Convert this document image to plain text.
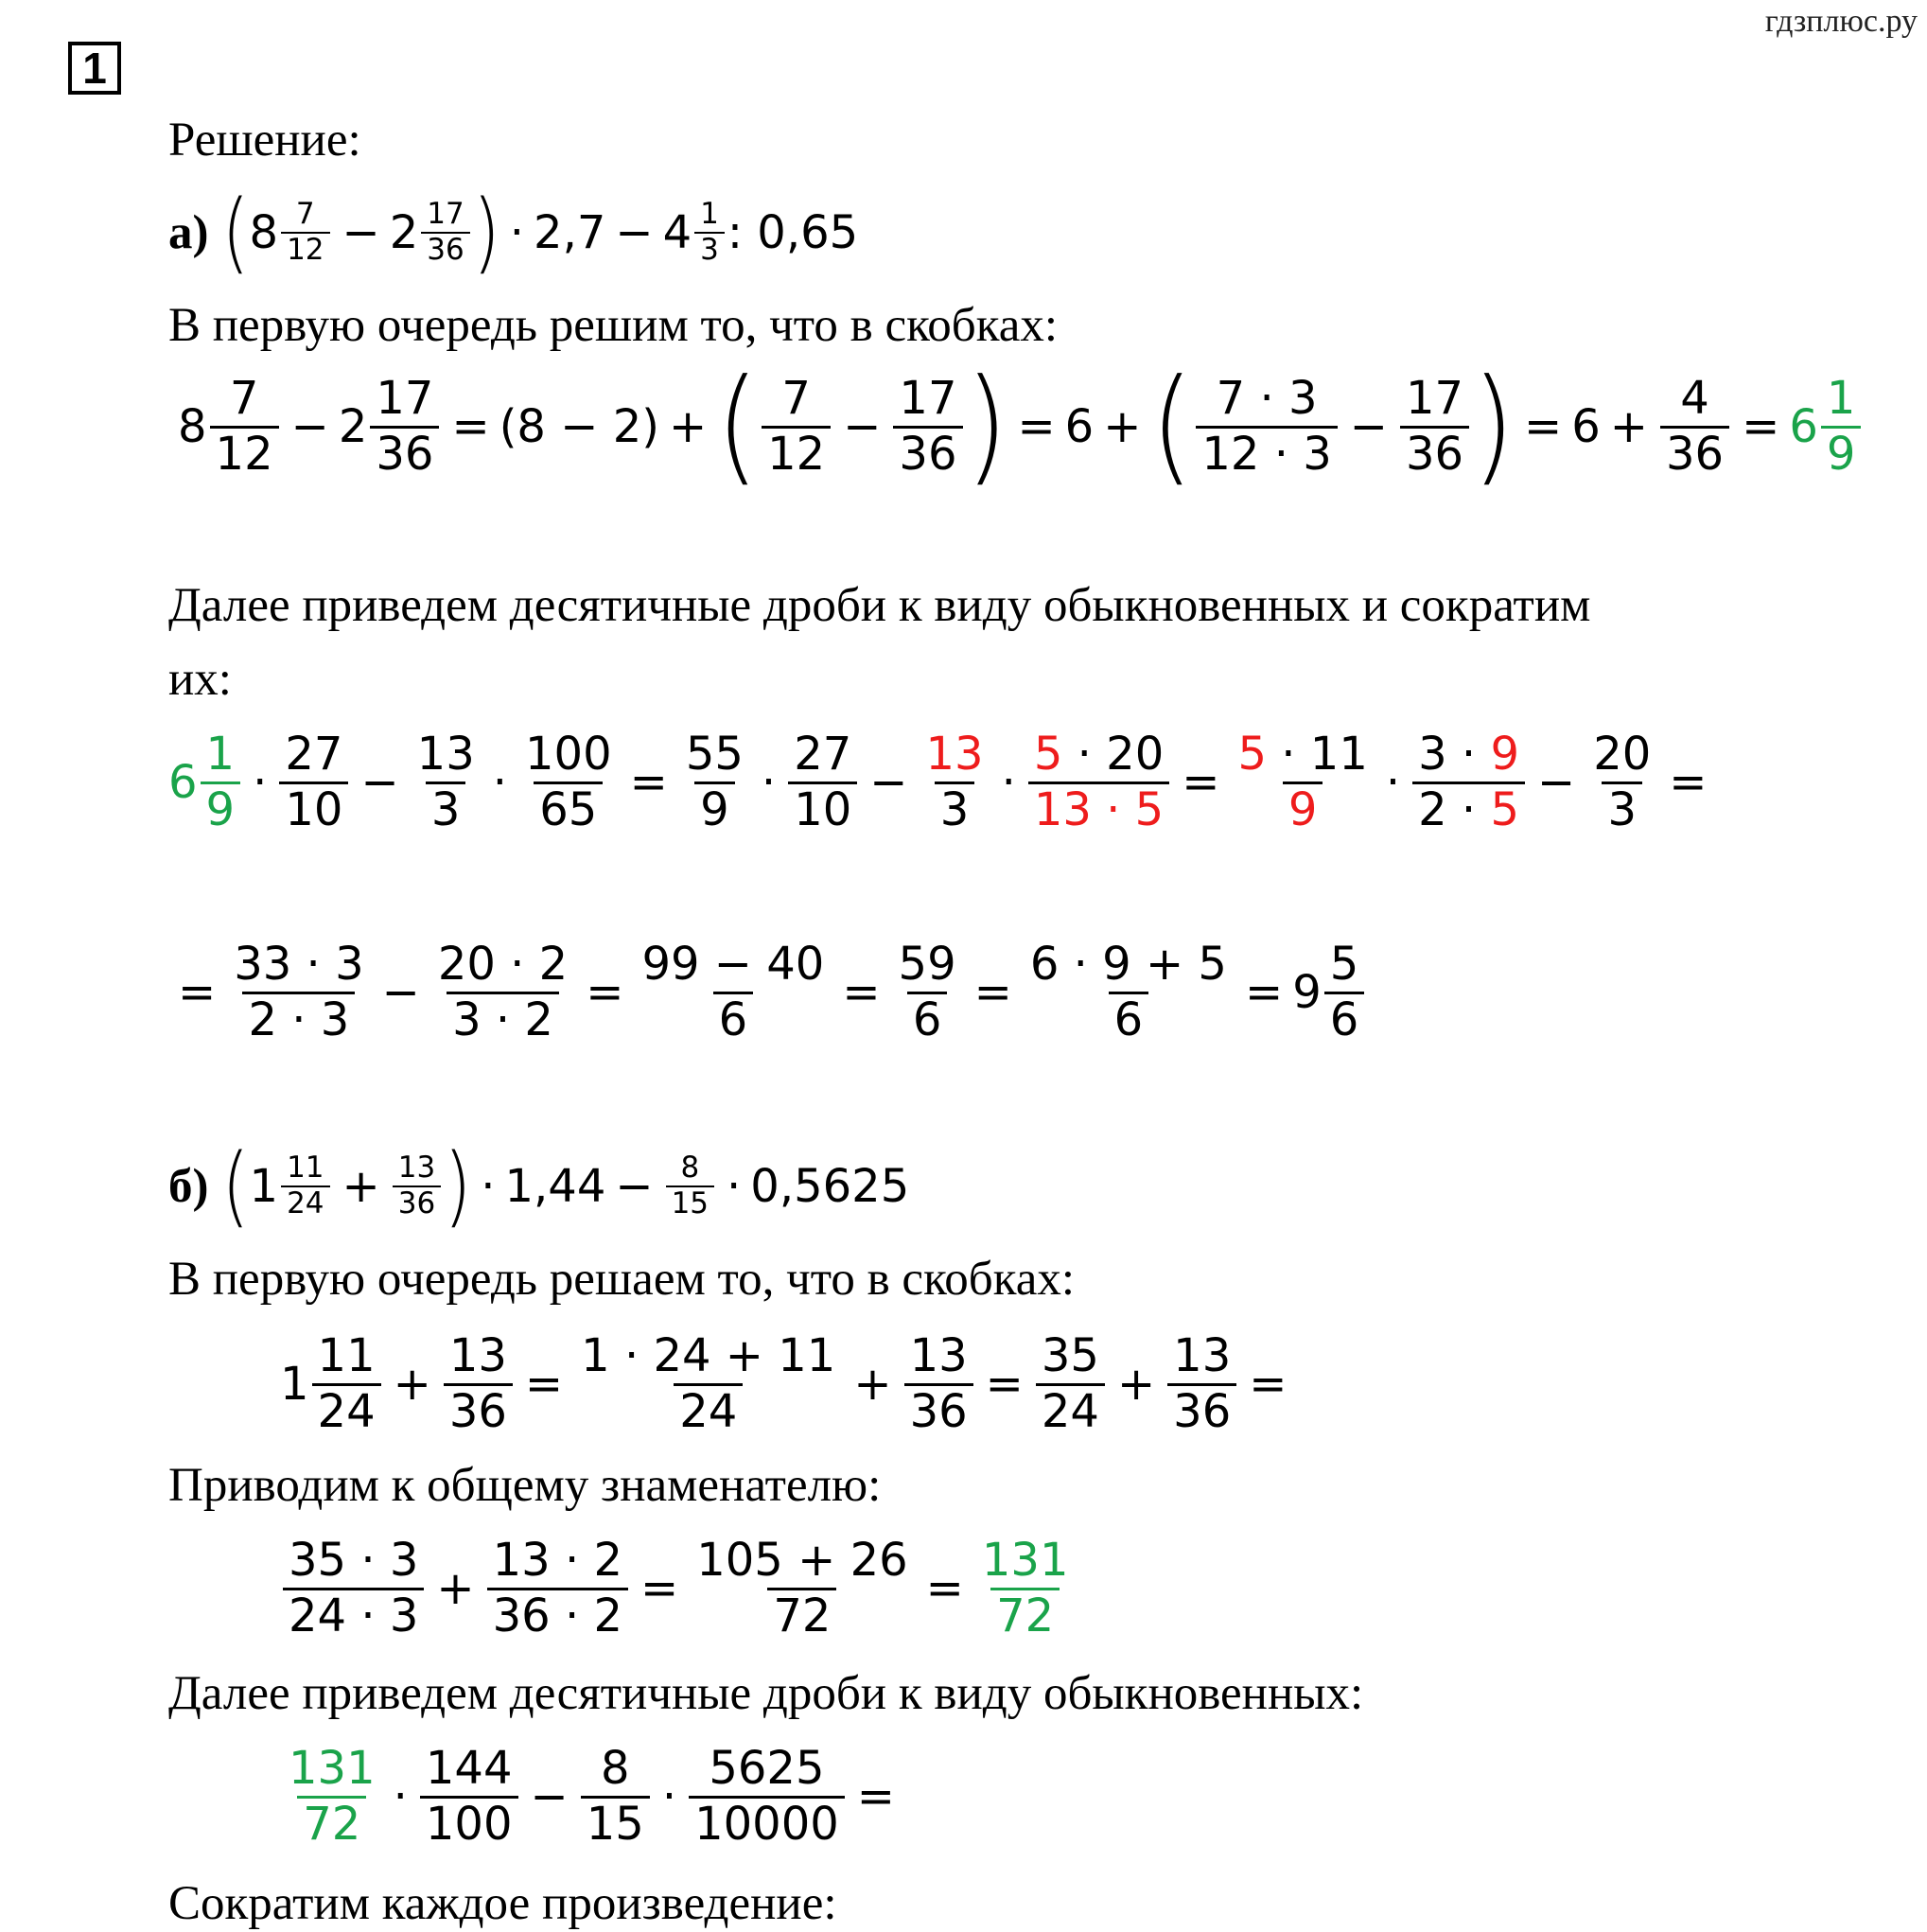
гдзплюс.ру
1
Решение:
а) ( $8 \frac{7}{12} - 2 \frac{17}{36}$ ) · $2,7 - 4 \frac{1}{3}$ : 0,65
В первую очередь решим то, что в скобках:
$8 \frac{7}{12} - 2 \frac{17}{36} = (8 - 2)$ + ( $\frac{7}{12} - \frac{17}{36}$ ) = 6 + ( $\frac{7 \cdot 3}{12 \cdot 3} - \frac{17}{36}$ ) = $6 + \frac{4}{36} = 6 \frac{1}{9}$
Далее приведем десятичные дроби к виду обыкновенных и сократим
их:
$6 \frac{1}{9} \cdot \frac{27}{10} - \frac{13}{3} \cdot \frac{100}{65} = \frac{55}{9} \cdot \frac{27}{10} - \frac{13}{3} \cdot \frac{5 \cdot 20}{13 \cdot 5} = \frac{5 \cdot 11}{9} \cdot \frac{3 \cdot 9}{2 \cdot 5} - \frac{20}{3}$ =
= $\frac{33 \cdot 3}{2 \cdot 3} - \frac{20 \cdot 2}{3 \cdot 2} = \frac{99 - 40}{6} = \frac{59}{6} = \frac{6 \cdot 9 + 5}{6} = 9 \frac{5}{6}$
б) ( $1 \frac{11}{24} + \frac{13}{36}$ ) · $1,44 - \frac{8}{15} \cdot 0,5625$
В первую очередь решаем то, что в скобках:
$1 \frac{11}{24} + \frac{13}{36} = \frac{1 \cdot 24 + 11}{24} + \frac{13}{36} = \frac{35}{24} + \frac{13}{36}$ =
Приводим к общему знаменателю:
$\frac{35 \cdot 3}{24 \cdot 3} + \frac{13 \cdot 2}{36 \cdot 2} = \frac{105 + 26}{72} = \frac{131}{72}$
Далее приведем десятичные дроби к виду обыкновенных:
$\frac{131}{72} \cdot \frac{144}{100} - \frac{8}{15} \cdot \frac{5625}{10000}$ =
Сократим каждое произведение:
